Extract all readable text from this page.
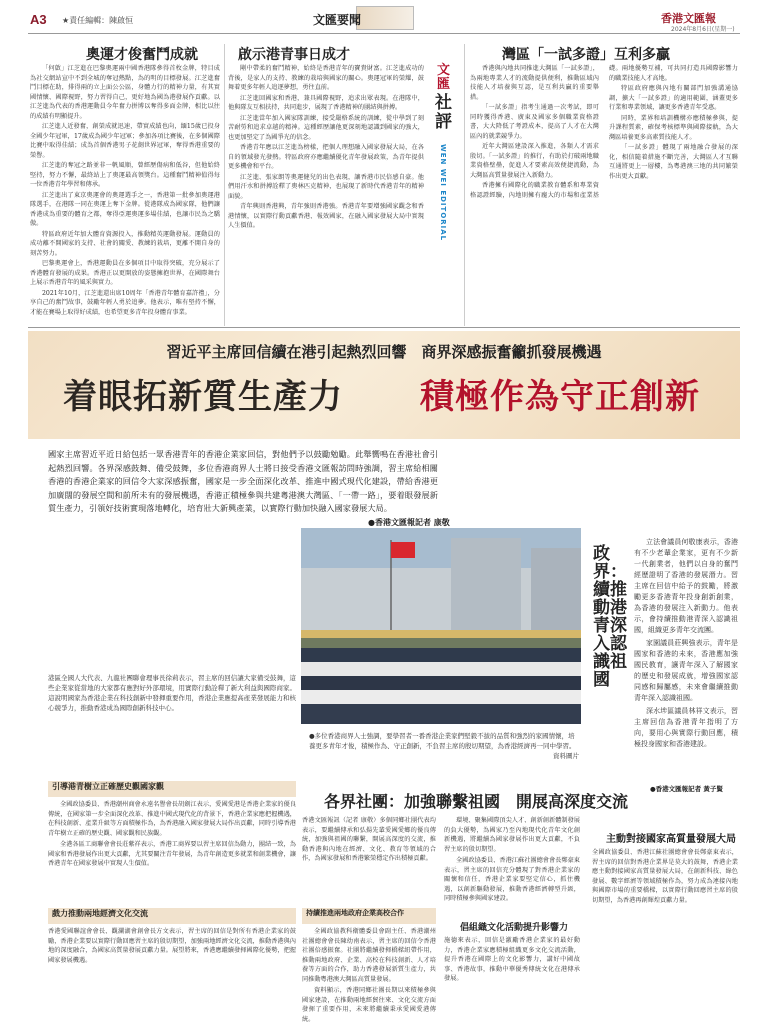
A3 ★責任編輯：陳啟恒	文匯要聞	香港文匯報
2024年8月6日(星期一)
奧運才俊奮鬥成就

「何啟」江芝進在巴黎奧運兩中國香港隊參得首枚金牌，特目成為社交網站宣中不到全城的奪冠熱點，為的明的目標發展。江芝進奮鬥目標在助，排得兩的立上面公公區，身體力行的精神力量，有其實國情懷、國際視野，努力習得自己，更好地為國為港發展作貢獻。以江芝進為代表的香港運動員今年奮力拼博以奪得多面金牌，相比以往的成績有明顯提升。

江芝進人近發奮，創榮成就迅速，帶實成績也向，緬15歲已投身全國少年冠軍，17歲成為國少年冠軍；參加各項比賽後，在多個國際比賽中取得佳績；成為首個香港男子花劍世界冠軍，奪得香港重要的榮譽。

江芝進的奪冠之路並非一帆風順，曾經歷傷病和低谷，但他始終堅持，努力不懈，最終站上了奧運最高領獎台。這種奮鬥精神值得每一位香港青年學習和傳承。

江芝進出了東京奧運會的奧運選手之一，香港第一批參加奧運港隊選手，在港隊一同在奧運上奪下金牌。從港隊成為國家隊，他們讓香港成為重要的體育之都，奪得亞運奧運多場佳績，也讓市民為之驕傲。

特區政府近年加大體育資源投入，推動精英運動發展。運動員的成功離不開國家的支持、社會的關愛、教練的栽培，更離不開自身的刻苦努力。

巴黎奧運會上，香港運動員在多個項目中取得突破，充分展示了香港體育發展的成果。香港正以更開放的姿態擁抱世界，在國際舞台上展示香港青年的風采與實力。

2021年10月，江芝進還出席10周年「香港青年體育嘉許禮」，分享自己的奮鬥故事，鼓勵年輕人勇於追夢。他表示，唯有堅持不懈，才能在賽場上取得好成績，也希望更多青年投身體育事業。

啟示港青事日成才

剛中帶柔的奮鬥精神，始終是香港青年的寶貴財富。江芝進成功的背後，是家人的支持、教練的栽培與國家的關心。奧運冠軍的榮耀，鼓舞着更多年輕人追逐夢想，勇往直前。

江芝進回國家和香港，兼具國際視野，追求出眾表現。在港隊中，他與隊友互相扶持，共同進步，展現了香港精神的團結與拼搏。

江芝進當年加入國家隊訓練，接受嚴格系統的訓練，從中學到了刻苦耐勞和追求卓越的精神。這種經歷讓他更深刻地認識到國家的強大，也更加堅定了為國爭光的信念。

香港青年應以江芝進為榜樣，把個人理想融入國家發展大局，在各自的領域發光發熱。特區政府亦應繼續優化青年發展政策，為青年提供更多機會和平台。

江芝進、張家朗等奧運健兒的出色表現，讓香港市民倍感自豪。他們用汗水和拼搏詮釋了奧林匹克精神，也展現了新時代香港青年的精神面貌。

青年興則香港興，青年強則香港強。香港青年要增強國家觀念和香港情懷，以實際行動貢獻香港、報效國家，在融入國家發展大局中實現人生價值。

文匯
社評
WEN WEI EDITORIAL
灣區「一試多證」互利多贏

香港與內地共同推進大灣區「一試多證」，為兩地專業人才的流動提供便利，推動區域內技能人才培養與互認，是互利共贏的重要舉措。

「一試多證」指考生通過一次考試，即可同時獲得香港、廣東及國家多個職業資格證書，大大降低了考證成本，提高了人才在大灣區內的就業競爭力。

近年大灣區建設深入推進，各類人才需求殷切。「一試多證」的推行，有助於打破兩地職業資格壁壘，促進人才要素高效便捷流動，為大灣區高質量發展注入新動力。

香港擁有國際化的職業教育體系和專業資格認證經驗，內地則擁有龐大的市場和產業基礎。兩地優勢互補，可共同打造具國際影響力的職業技能人才高地。

特區政府應與內地有關部門加強溝通協調，擴大「一試多證」的適用範圍，涵蓋更多行業和專業領域，讓更多香港青年受惠。

同時，業界和培訓機構亦應積極參與，提升課程質素，確保考核標準與國際接軌，為大灣區培養更多高素質技能人才。

「一試多證」體現了兩地融合發展的深化，相信隨着措施不斷完善，大灣區人才互聯互通將更上一層樓，為粵港澳三地的共同繁榮作出更大貢獻。

習近平主席回信續在港引起熱烈回響　商界深感振奮籲抓發展機遇
着眼拓新質生產力 積極作為守正創新
國家主席習近平近日給包括一眾香港青年的香港企業家回信，對他們予以鼓勵勉勵。此舉嚮鳴在香港社會引起熱烈回響。各界深感鼓舞、備受鼓舞，多位香港商界人士將日接受香港文匯報訪問時強調，習主席給相關香港的香港企業家的回信令大家深感振奮，國家是一步全面深化改革、推進中國式現代化建設，帶給香港更加廣闊的發展空間和前所未有的發展機遇，香港正積極參與共建粵港澳大灣區、「一帶一路」，要着眼發展新質生產力，引領好技術實現落地轉化，培育壯大新興產業，以實際行動加快融入國家發展大局。
●香港文匯報記者 康敬
●多位香港商界人士強調，要學習者一番香港企業家們堅毅不拔的品質和強烈的家國情懷，培養更多青年才俊，積極作為、守正創新，不負習主席的殷切期望，為香港經濟再一同中學習。
資料圖片
政界：續推動港青深入認識祖國

立法會議員何敬康表示，香港有不少老輩企業家，更有不少新一代創業者，他們以自身的奮鬥經歷證明了香港的發展潛力。習主席在回信中給予的鼓勵，將激勵更多香港青年投身創新創業，為香港的發展注入新動力。他表示，會持續推動港青深入認識祖國，組織更多青年交流團。

家園議員莊興強表示，青年是國家和香港的未來，香港應加強國民教育，讓青年深入了解國家的歷史和發展成就，增強國家認同感和歸屬感，未來會繼續推動青年深入認識祖國。

深水埗區議員林祥文表示，習主席回信為香港青年指明了方向，要用心與實際行動回應，積極投身國家和香港建設。

●香港文匯報記者 黃子賢
各界社團：加強聯繫祖國　開展高深度交流
港區全國人大代表、九龍社團聯會理事長徐莉表示，習主席的回信讓大家備受鼓舞，這些企業家從當地的大家都有應對好外部環境，用實際行動詮釋了新大利益與國際商家。這說明國家為香港企業在科技創新中發揮重要作用，香港企業應提高產業發展能力和核心競爭力，推動香港成為國際創新科技中心。
引導港青樹立正確歷史觀國家觀

全國政協委員、香港潮州商會永遠名譽會長胡劍江表示，愛國愛港是香港企業家的優良傳統，在國家第一步全面深化改革、推進中國式現代化的背景下，香港企業家應把握機遇，在科技創新、產業升級等方面積極作為，為香港融入國家發展大局作出貢獻，同時引導香港青年樹立正確的歷史觀、國家觀和民族觀。

全港各區工商聯會會長莊紫祥表示，香港工商界要以習主席回信為動力，團結一致，為國家和香港發展作出更大貢獻，尤其要關注青年發展，為青年創造更多就業和創業機會，讓香港青年在國家發展中實現人生價值。

戲力推動兩地經濟文化交流
香港愛國聯誼會會長、觀瀾湖會創會長方文表示，習主席的回信是對所有香港企業家的鼓勵，香港企業要以實際行動回應習主席的殷切期望，加強兩地經濟文化交流，推動香港與內地的深度融合，為國家高質量發展貢獻力量。展望將來，香港應繼續發揮國際化優勢，把握國家發展機遇。
香港文匯報訊（記者 康敬）多個同鄉社團代表均表示，要繼續傳承和弘揚先輩愛國愛鄉的優良傳統，加強與祖國的聯繫，開展高深度的交流，推動香港與內地在經濟、文化、教育等領域的合作，為國家發展和香港繁榮穩定作出積極貢獻。
持續推進兩地政府企業高校合作

全國政協教科衛體委員會副主任、香港潮州社團總會會長陳幼南表示，習主席的回信令香港社團倍感振奮。社團將繼續發揮橋樑紐帶作用，推動兩地政府、企業、高校在科技創新、人才培養等方面的合作，助力香港發展新質生產力，共同推動粵港澳大灣區高質量發展。

資料顯示，香港同鄉社團長期以來積極參與國家建設，在推動兩地經貿往來、文化交流方面發揮了重要作用，未來將繼續秉承愛國愛港傳統。

環境、聚集國際頂尖人才、創新創新體制發展的負大優勢，為國家乃至內地現代化青年文化創新機遇，將繼續為國家發展作出更大貢獻，不負習主席的殷切期望。

全國政協委員、香港江蘇社團總會會長鄭豪東表示，習主席的回信充分體現了對香港企業家的關懷和信任，香港企業家要堅定信心，抓住機遇，以創新驅動發展，推動香港經濟轉型升級，同時積極參與國家建設。

倡組織文化活動提升影響力
施德來表示，回信是激勵香港企業家的最好動力，香港企業家應積極組織更多文化交流活動，提升香港在國際上的文化影響力，講好中國故事、香港故事，推動中華優秀傳統文化在港傳承發展。
主動對接國家高質量發展大局
全國政協委員、香港江蘇社團總會會長鄭豪東表示，習主席的回信對香港企業界是莫大的鼓舞，香港企業應主動對接國家高質量發展大局，在創新科技、綠色發展、數字經濟等領域積極作為，努力成為連接內地與國際市場的重要橋樑，以實際行動回應習主席的殷切期望，為香港再創輝煌貢獻力量。
